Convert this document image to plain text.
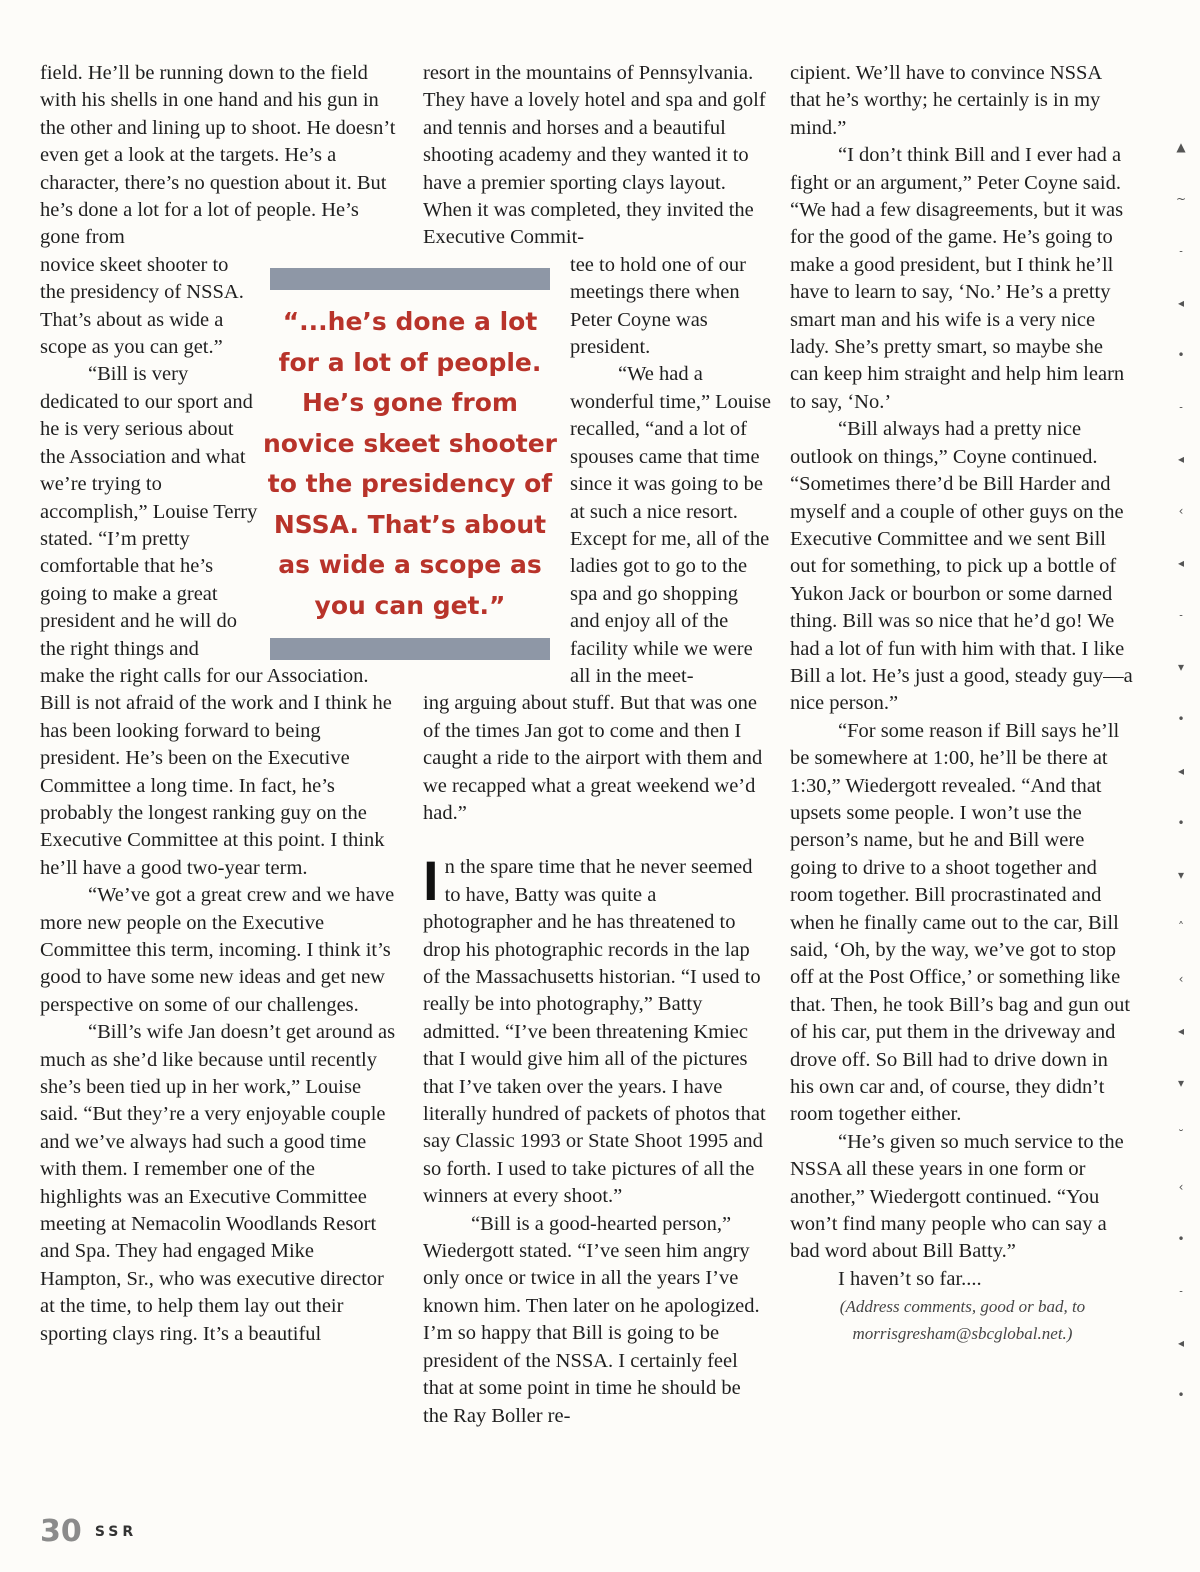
field. He’ll be running down to the field with his shells in one hand and his gun in the other and lining up to shoot. He doesn’t even get a look at the targets. He’s a character, there’s no question about it. But he’s done a lot for a lot of people. He’s gone from

novice skeet shooter to the presidency of NSSA. That’s about as wide a scope as you can get.”

“Bill is very dedicated to our sport and he is very serious about the Association and what we’re trying to accomplish,” Louise Terry stated. “I’m pretty comfortable that he’s going to make a great president and he will do the right things and

make the right calls for our Association. Bill is not afraid of the work and I think he has been looking forward to being president. He’s been on the Executive Committee a long time. In fact, he’s probably the longest ranking guy on the Executive Committee at this point. I think he’ll have a good two-year term.

“We’ve got a great crew and we have more new people on the Executive Committee this term, incoming. I think it’s good to have some new ideas and get new perspective on some of our challenges.

“Bill’s wife Jan doesn’t get around as much as she’d like because until recently she’s been tied up in her work,” Louise said. “But they’re a very enjoyable couple and we’ve always had such a good time with them. I remember one of the highlights was an Executive Committee meeting at Nemacolin Woodlands Resort and Spa. They had engaged Mike Hampton, Sr., who was executive director at the time, to help them lay out their sporting clays ring. It’s a beautiful

resort in the mountains of Pennsylvania. They have a lovely hotel and spa and golf and tennis and horses and a beautiful shooting academy and they wanted it to have a premier sporting clays layout. When it was completed, they invited the Executive Commit-

tee to hold one of our meetings there when Peter Coyne was president.

“We had a wonderful time,” Louise recalled, “and a lot of spouses came that time since it was going to be at such a nice resort. Except for me, all of the ladies got to go to the spa and go shopping and enjoy all of the facility while we were all in the meet-

ing arguing about stuff. But that was one of the times Jan got to come and then I caught a ride to the airport with them and we recapped what a great weekend we’d had.”

In the spare time that he never seemed to have, Batty was quite a photographer and he has threatened to drop his photographic records in the lap of the Massachusetts historian. “I used to really be into photography,” Batty admitted. “I’ve been threatening Kmiec that I would give him all of the pictures that I’ve taken over the years. I have literally hundred of packets of photos that say Classic 1993 or State Shoot 1995 and so forth. I used to take pictures of all the winners at every shoot.”

“Bill is a good-hearted person,” Wiedergott stated. “I’ve seen him angry only once or twice in all the years I’ve known him. Then later on he apologized. I’m so happy that Bill is going to be president of the NSSA. I certainly feel that at some point in time he should be the Ray Boller re-

cipient. We’ll have to convince NSSA that he’s worthy; he certainly is in my mind.”

“I don’t think Bill and I ever had a fight or an argument,” Peter Coyne said. “We had a few disagreements, but it was for the good of the game. He’s going to make a good president, but I think he’ll have to learn to say, ‘No.’ He’s a pretty smart man and his wife is a very nice lady. She’s pretty smart, so maybe she can keep him straight and help him learn to say, ‘No.’

“Bill always had a pretty nice outlook on things,” Coyne continued. “Sometimes there’d be Bill Harder and myself and a couple of other guys on the Executive Committee and we sent Bill out for something, to pick up a bottle of Yukon Jack or bourbon or some darned thing. Bill was so nice that he’d go! We had a lot of fun with him with that. I like Bill a lot. He’s just a good, steady guy—a nice person.”

“For some reason if Bill says he’ll be somewhere at 1:00, he’ll be there at 1:30,” Wiedergott revealed. “And that upsets some people. I won’t use the person’s name, but he and Bill were going to drive to a shoot together and room together. Bill procrastinated and when he finally came out to the car, Bill said, ‘Oh, by the way, we’ve got to stop off at the Post Office,’ or something like that. Then, he took Bill’s bag and gun out of his car, put them in the driveway and drove off. So Bill had to drive down in his own car and, of course, they didn’t room together either.

“He’s given so much service to the NSSA all these years in one form or another,” Wiedergott continued. “You won’t find many people who can say a bad word about Bill Batty.”

I haven’t so far....

(Address comments, good or bad, to morrisgresham@sbcglobal.net.)

“...he’s done a lot for a lot of people. He’s gone from novice skeet shooter to the presidency of NSSA. That’s about as wide a scope as you can get.”
▲
~
˗
◂
•
˗
◂
‹
◂
˗
▾
•
◂
•
▾
˄
‹
◂
▾
˘
‹
•
˗
◂
•
30 SSR
